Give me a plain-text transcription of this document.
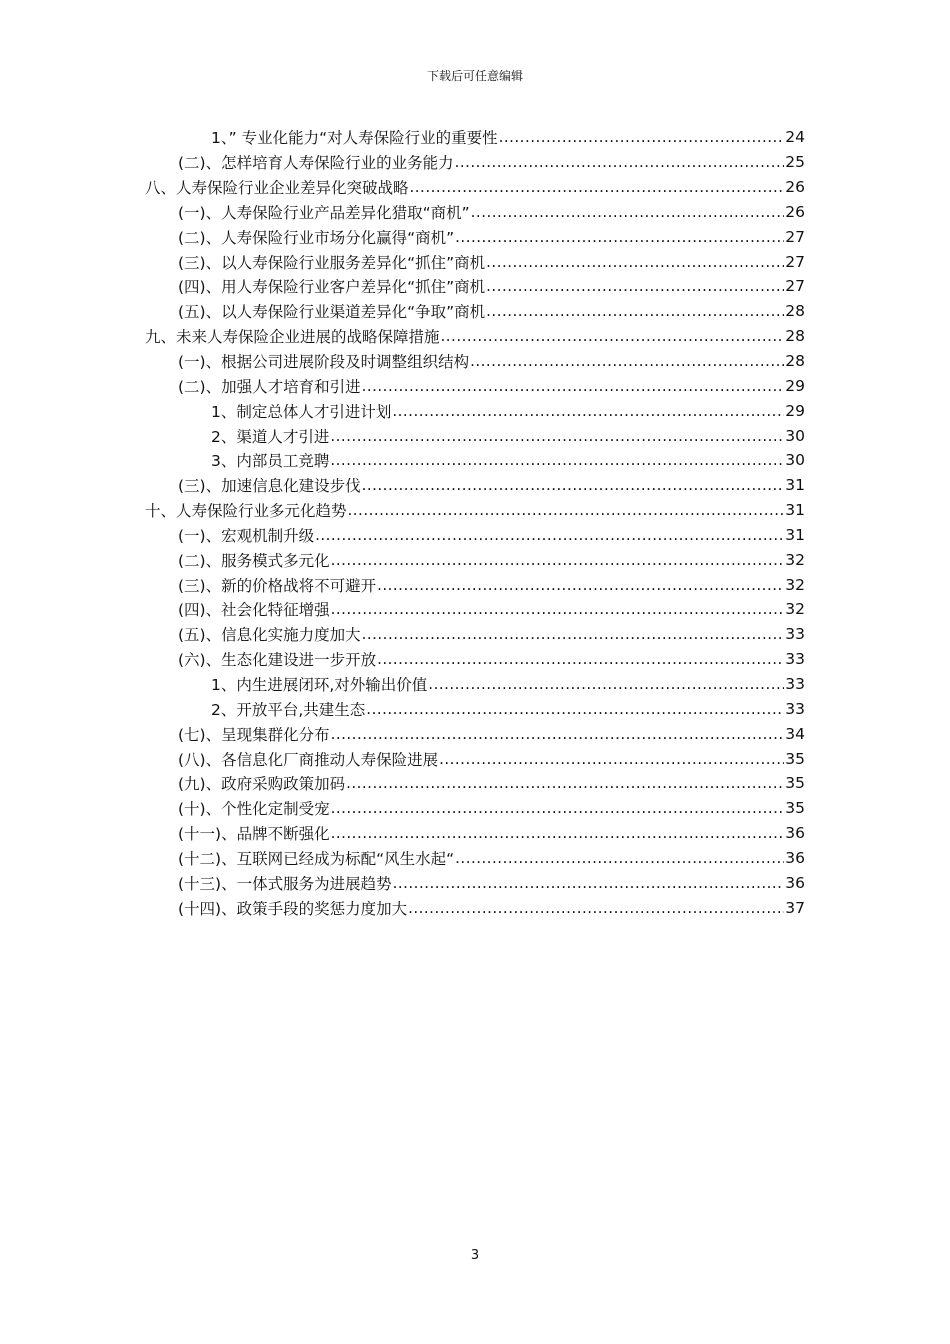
下载后可任意编辑
1、” 专业化能力“对人寿保险行业的重要性 .....	24
(二)、怎样培育人寿保险行业的业务能力 .....	25
八、人寿保险行业企业差异化突破战略 .....	26
(一)、人寿保险行业产品差异化猎取“商机” .....	26
(二)、人寿保险行业市场分化赢得“商机” .....	27
(三)、以人寿保险行业服务差异化“抓住”商机 .....	27
(四)、用人寿保险行业客户差异化“抓住”商机 .....	27
(五)、以人寿保险行业渠道差异化“争取”商机 .....	28
九、未来人寿保险企业进展的战略保障措施 .....	28
(一)、根据公司进展阶段及时调整组织结构 .....	28
(二)、加强人才培育和引进 .....	29
1、制定总体人才引进计划 .....	29
2、渠道人才引进 .....	30
3、内部员工竞聘 .....	30
(三)、加速信息化建设步伐 .....	31
十、人寿保险行业多元化趋势 .....	31
(一)、宏观机制升级 .....	31
(二)、服务模式多元化 .....	32
(三)、新的价格战将不可避开 .....	32
(四)、社会化特征增强 .....	32
(五)、信息化实施力度加大 .....	33
(六)、生态化建设进一步开放 .....	33
1、内生进展闭环,对外输出价值 .....	33
2、开放平台,共建生态 .....	33
(七)、呈现集群化分布 .....	34
(八)、各信息化厂商推动人寿保险进展 .....	35
(九)、政府采购政策加码 .....	35
(十)、个性化定制受宠 .....	35
(十一)、品牌不断强化 .....	36
(十二)、互联网已经成为标配“风生水起“ .....	36
(十三)、一体式服务为进展趋势 .....	36
(十四)、政策手段的奖惩力度加大 .....	37
3
